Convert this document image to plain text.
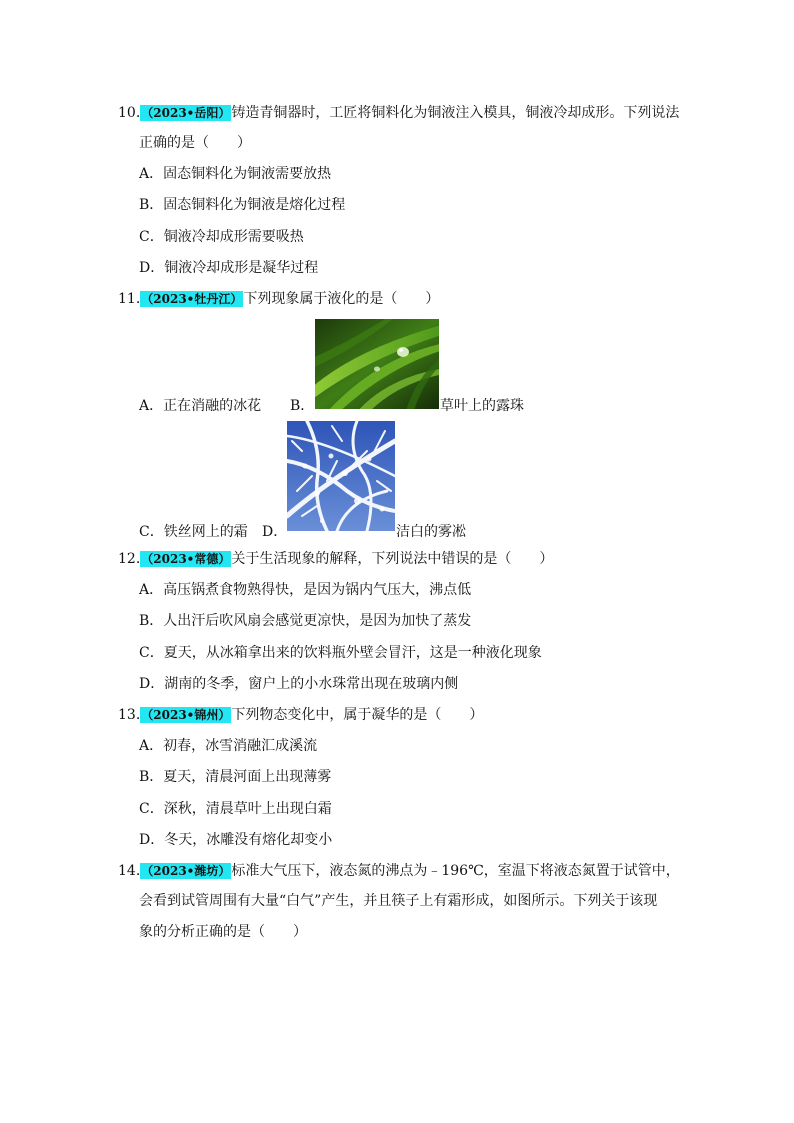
10.（2023•岳阳）铸造青铜器时，工匠将铜料化为铜液注入模具，铜液冷却成形。下列说法
正确的是（　　）
A．固态铜料化为铜液需要放热
B．固态铜料化为铜液是熔化过程
C．铜液冷却成形需要吸热
D．铜液冷却成形是凝华过程
11.（2023•牡丹江）下列现象属于液化的是（　　）
A．正在消融的冰花 B．	草叶上的露珠
C．铁丝网上的霜 D．	洁白的雾凇
12.（2023•常德）关于生活现象的解释，下列说法中错误的是（　　）
A．高压锅煮食物熟得快，是因为锅内气压大，沸点低
B．人出汗后吹风扇会感觉更凉快，是因为加快了蒸发
C．夏天，从冰箱拿出来的饮料瓶外壁会冒汗，这是一种液化现象
D．湖南的冬季，窗户上的小水珠常出现在玻璃内侧
13.（2023•锦州）下列物态变化中，属于凝华的是（　　）
A．初春，冰雪消融汇成溪流
B．夏天，清晨河面上出现薄雾
C．深秋，清晨草叶上出现白霜
D．冬天，冰雕没有熔化却变小
14.（2023•潍坊）标准大气压下，液态氮的沸点为﹣196℃，室温下将液态氮置于试管中，
会看到试管周围有大量“白气”产生，并且筷子上有霜形成，如图所示。下列关于该现
象的分析正确的是（　　）
